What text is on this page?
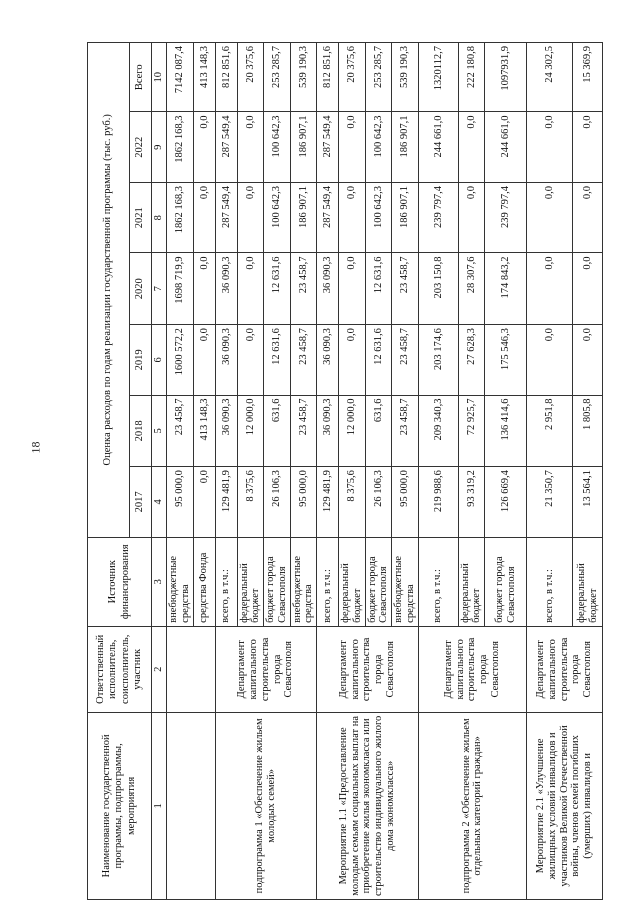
18
Наименование государственной программы, подпрограммы, мероприятия	Ответственный исполнитель, соисполнитель, участник	Источник финансирования	Оценка расходов по годам реализации государственной программы (тыс. руб.)						
			2017	2018	2019	2020	2021	2022	Всего
1	2	3	4	5	6	7	8	9	10
		внебюджетные средства	95 000,0	23 458,7	1600 572,2	1698 719,9	1862 168,3	1862 168,3	7142 087,4
		средства Фонда	0,0	413 148,3	0,0	0,0	0,0	0,0	413 148,3
подпрограмма 1 «Обеспечение жильем молодых семей»	Департамент капитального строительства города Севастополя	всего, в т.ч.:	129 481,9	36 090,3	36 090,3	36 090,3	287 549,4	287 549,4	812 851,6
		федеральный бюджет	8 375,6	12 000,0	0,0	0,0	0,0	0,0	20 375,6
		бюджет города Севастополя	26 106,3	631,6	12 631,6	12 631,6	100 642,3	100 642,3	253 285,7
		внебюджетные средства	95 000,0	23 458,7	23 458,7	23 458,7	186 907,1	186 907,1	539 190,3
Мероприятие 1.1 «Предоставление молодым семьям социальных выплат на приобретение жилья экономкласса или строительство индивидуального жилого дома экономкласса»	Департамент капитального строительства города Севастополя	всего, в т.ч.:	129 481,9	36 090,3	36 090,3	36 090,3	287 549,4	287 549,4	812 851,6
		федеральный бюджет	8 375,6	12 000,0	0,0	0,0	0,0	0,0	20 375,6
		бюджет города Севастополя	26 106,3	631,6	12 631,6	12 631,6	100 642,3	100 642,3	253 285,7
		внебюджетные средства	95 000,0	23 458,7	23 458,7	23 458,7	186 907,1	186 907,1	539 190,3
подпрограмма 2 «Обеспечение жильем отдельных категорий граждан»	Департамент капитального строительства города Севастополя	всего, в т.ч.:	219 988,6	209 340,3	203 174,6	203 150,8	239 797,4	244 661,0	1320112,7
		федеральный бюджет	93 319,2	72 925,7	27 628,3	28 307,6	0,0	0,0	222 180,8
		бюджет города Севастополя	126 669,4	136 414,6	175 546,3	174 843,2	239 797,4	244 661,0	1097931,9
Мероприятие 2.1 «Улучшение жилищных условий инвалидов и участников Великой Отечественной войны, членов семей погибших (умерших) инвалидов и	Департамент капитального строительства города Севастополя	всего, в т.ч.:	21 350,7	2 951,8	0,0	0,0	0,0	0,0	24 302,5
		федеральный бюджет	13 564,1	1 805,8	0,0	0,0	0,0	0,0	15 369,9
